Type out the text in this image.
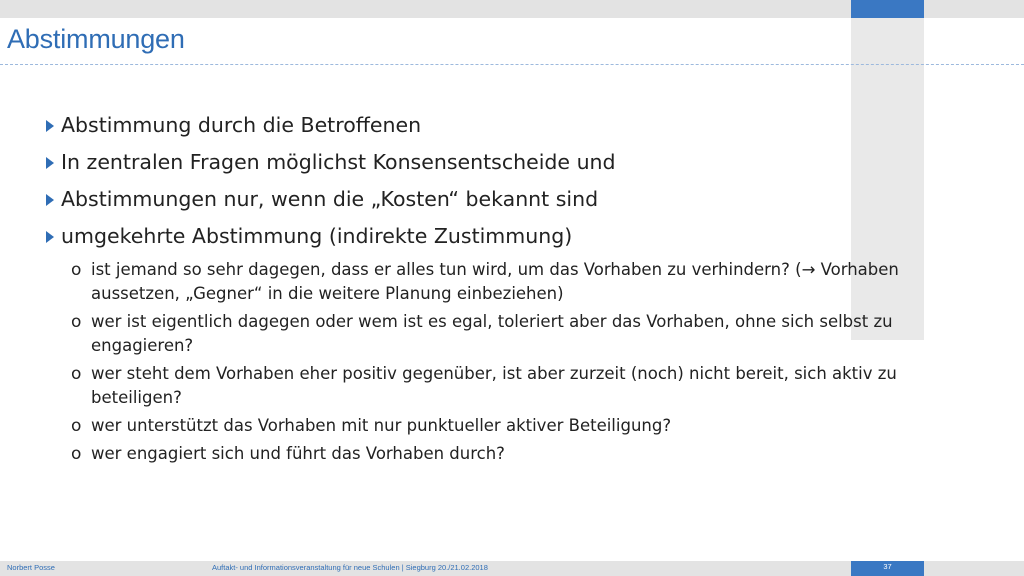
Abstimmungen
Abstimmung durch die Betroffenen
In zentralen Fragen möglichst Konsensentscheide und
Abstimmungen nur, wenn die „Kosten“ bekannt sind
umgekehrte Abstimmung (indirekte Zustimmung)
o ist jemand so sehr dagegen, dass er alles tun wird, um das Vorhaben zu verhindern? (→ Vorhaben aussetzen, „Gegner“ in die weitere Planung einbeziehen)
o wer ist eigentlich dagegen oder wem ist es egal, toleriert aber das Vorhaben, ohne sich selbst zu engagieren?
o wer steht dem Vorhaben eher positiv gegenüber, ist aber zurzeit (noch) nicht bereit, sich aktiv zu beteiligen?
o wer unterstützt das Vorhaben mit nur punktueller aktiver Beteiligung?
o wer engagiert sich und führt das Vorhaben durch?
Norbert Posse	Auftakt- und Informationsveranstaltung für neue Schulen | Siegburg 20./21.02.2018	37
